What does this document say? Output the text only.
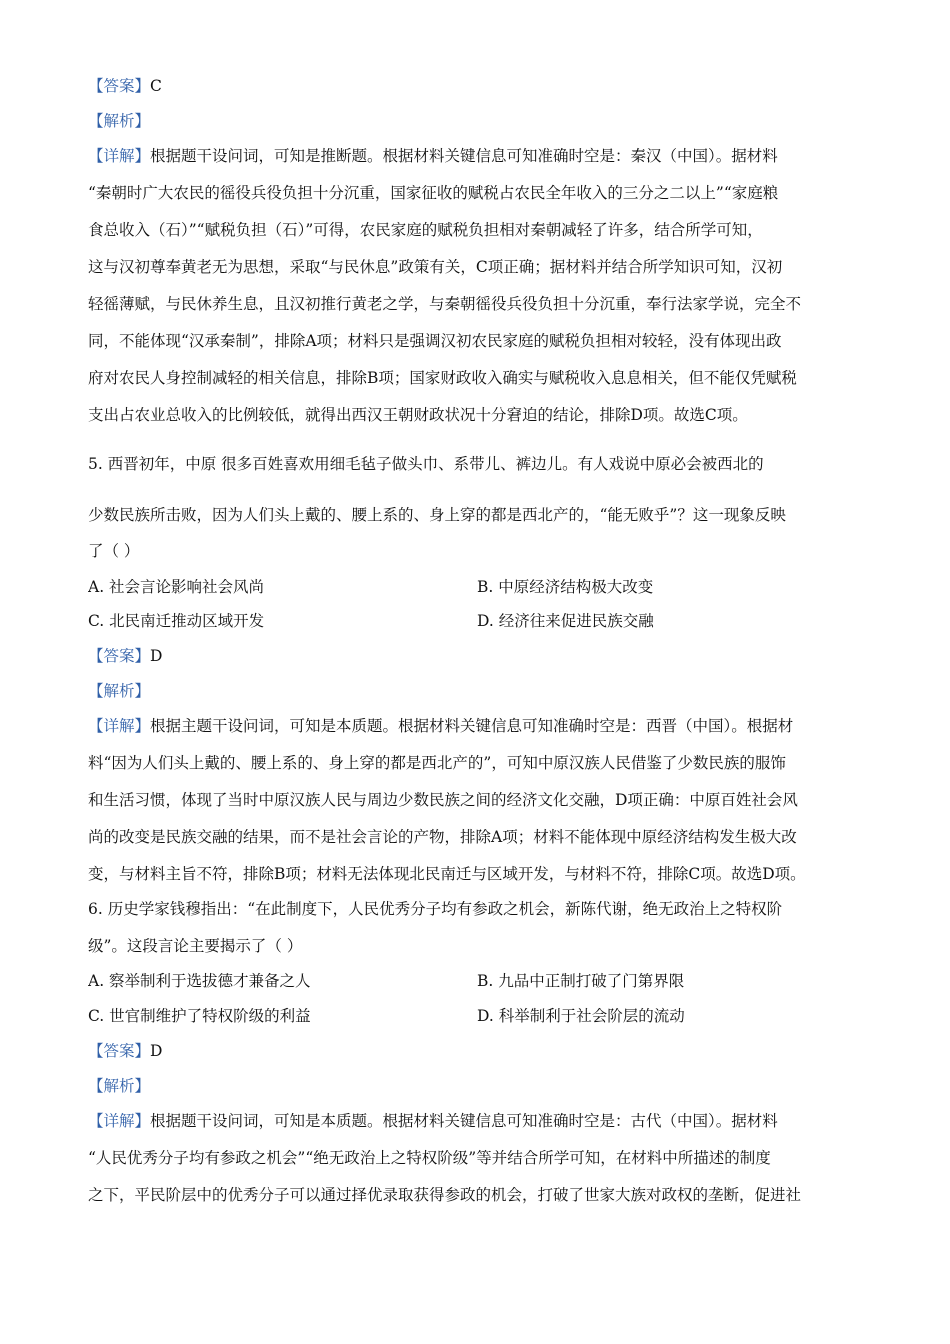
【答案】C
【解析】
【详解】根据题干设问词，可知是推断题。根据材料关键信息可知准确时空是：秦汉（中国）。据材料
“秦朝时广大农民的徭役兵役负担十分沉重，国家征收的赋税占农民全年收入的三分之二以上”“家庭粮
食总收入（石）”“赋税负担（石）”可得，农民家庭的赋税负担相对秦朝减轻了许多，结合所学可知，
这与汉初尊奉黄老无为思想，采取“与民休息”政策有关，C项正确；据材料并结合所学知识可知，汉初
轻徭薄赋，与民休养生息，且汉初推行黄老之学，与秦朝徭役兵役负担十分沉重，奉行法家学说，完全不
同，不能体现“汉承秦制”，排除A项；材料只是强调汉初农民家庭的赋税负担相对较轻，没有体现出政
府对农民人身控制减轻的相关信息，排除B项；国家财政收入确实与赋税收入息息相关，但不能仅凭赋税
支出占农业总收入的比例较低，就得出西汉王朝财政状况十分窘迫的结论，排除D项。故选C项。
5. 西晋初年，中原 很多百姓喜欢用细毛毡子做头巾、系带儿、裤边儿。有人戏说中原必会被西北的
少数民族所击败，因为人们头上戴的、腰上系的、身上穿的都是西北产的，“能无败乎”？这一现象反映
了（ ）
A. 社会言论影响社会风尚	B. 中原经济结构极大改变
C. 北民南迁推动区域开发	D. 经济往来促进民族交融
【答案】D
【解析】
【详解】根据主题干设问词，可知是本质题。根据材料关键信息可知准确时空是：西晋（中国）。根据材
料“因为人们头上戴的、腰上系的、身上穿的都是西北产的”，可知中原汉族人民借鉴了少数民族的服饰
和生活习惯，体现了当时中原汉族人民与周边少数民族之间的经济文化交融，D项正确：中原百姓社会风
尚的改变是民族交融的结果，而不是社会言论的产物，排除A项；材料不能体现中原经济结构发生极大改
变，与材料主旨不符，排除B项；材料无法体现北民南迁与区域开发，与材料不符，排除C项。故选D项。
6. 历史学家钱穆指出：“在此制度下，人民优秀分子均有参政之机会，新陈代谢，绝无政治上之特权阶
级”。这段言论主要揭示了（ ）
A. 察举制利于选拔德才兼备之人	B. 九品中正制打破了门第界限
C. 世官制维护了特权阶级的利益	D. 科举制利于社会阶层的流动
【答案】D
【解析】
【详解】根据题干设问词，可知是本质题。根据材料关键信息可知准确时空是：古代（中国）。据材料
“人民优秀分子均有参政之机会”“绝无政治上之特权阶级”等并结合所学可知，在材料中所描述的制度
之下，平民阶层中的优秀分子可以通过择优录取获得参政的机会，打破了世家大族对政权的垄断，促进社
